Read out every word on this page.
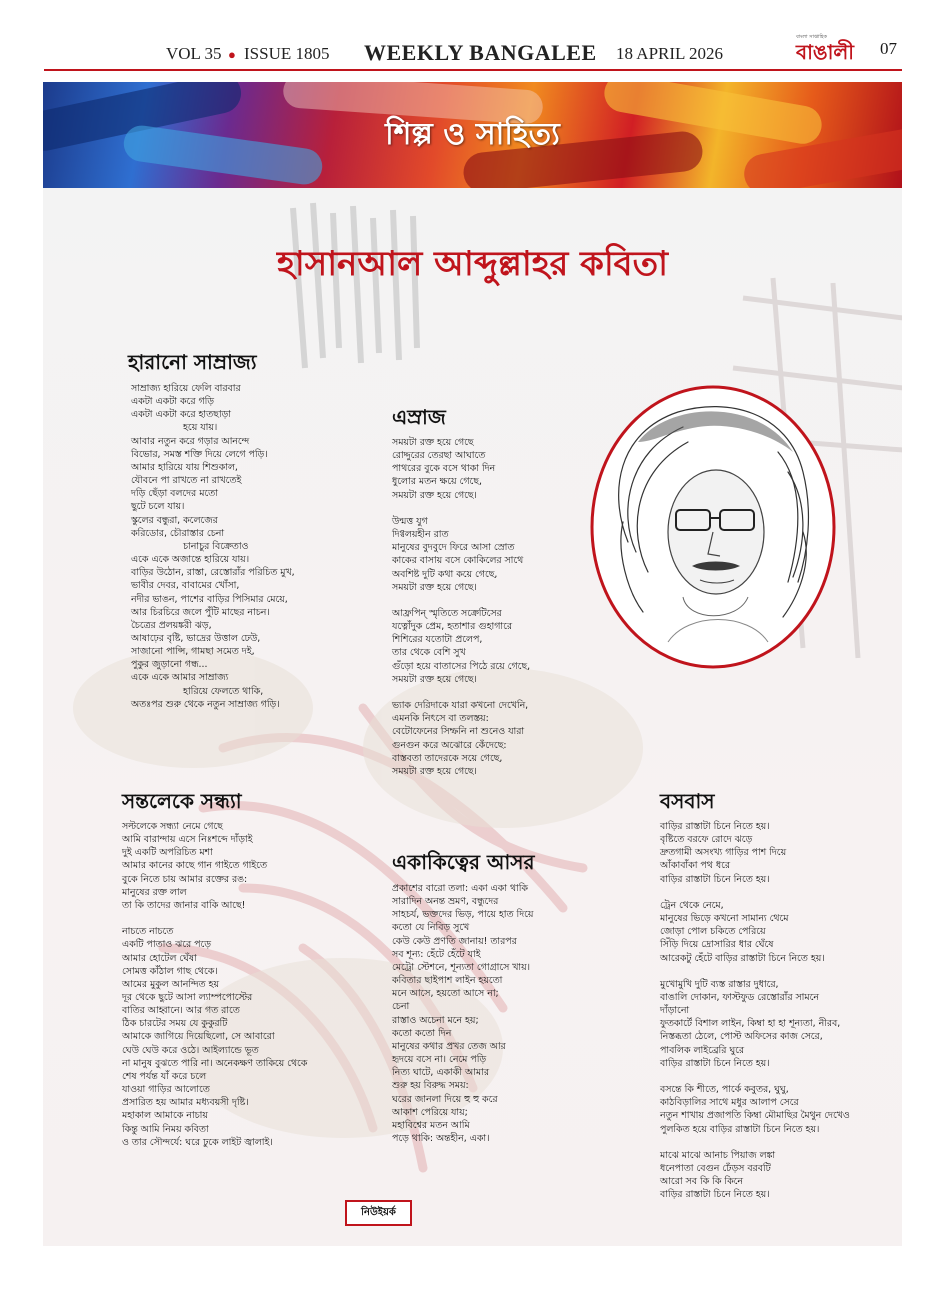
VOL 35 ● ISSUE 1805 WEEKLY BANGALEE 18 APRIL 2026
বাংলা সাপ্তাহিক
বাঙালী	07
শিল্প ও সাহিত্য
হাসানআল আব্দুল্লাহর কবিতা
হারানো সাম্রাজ্য
সাম্রাজ্য হারিয়ে ফেলি বারবার
একটা একটা করে গড়ি
একটা একটা করে হাতছাড়া
হয়ে যায়।
আবার নতুন করে গড়ার আনন্দে
বিভোর, সমস্ত শক্তি দিয়ে লেগে পড়ি।
আমার হারিয়ে যায় শিশুকাল,
যৌবনে পা রাখতে না রাখতেই
দড়ি ছেঁড়া বলদের মতো
ছুটে চলে যায়।
স্কুলের বন্ধুরা, কলেজের
করিডোর, চৌরাস্তার চেনা
চানাচুর বিক্রেতাও
একে একে অজান্তে হারিয়ে যায়।
বাড়ির উঠোন, রাস্তা, রেস্তোরাঁর পরিচিত মুখ,
ভাবীর দেবর, বাবামের খোঁসা,
নদীর ভাঙন, পাশের বাড়ির পিসিমার মেয়ে,
আর চিরচিরে জলে পুঁটি মাছের নাচন।
চৈত্রের প্রলয়ঙ্করী ঝড়,
আষাঢ়ের বৃষ্টি, ভাদ্রের উত্তাল ঢেউ,
সাজানো পান্সি, গামছা সমেত দই,
পুকুর জুড়ানো গন্ধ...
একে একে আমার সাম্রাজ্য
হারিয়ে ফেলতে থাকি,
অতঃপর শুরু থেকে নতুন সাম্রাজ্য গড়ি।
এস্রাজ
সময়টা রক্ত হয়ে গেছে
রোদ্দুরের তেরছা আঘাতে
পাথরের বুকে বসে থাকা দিন
ধুলোর মতন ক্ষয়ে গেছে,
সময়টা রক্ত হয়ে গেছে।
উন্মত্ত যুগ
দিগ্বলয়হীন রাত
মানুষের বুদবুদে ফিরে আসা স্রোত
কাকের বাসায় বসে কোকিলের সাথে
অবশিষ্ট দুটি কথা কয়ে গেছে,
সময়টা রক্ত হয়ে গেছে।
আফ্রপিন্ স্মৃতিতে সক্রেটিসের
যত্নোঁদুক প্রেম, হতাশার গুহাগারে
শিশিরের যতোটা প্রলেপ,
তার থেকে বেশি সুখ
গুঁড়ো হয়ে বাতাসের পিঠে রয়ে গেছে,
সময়টা রক্ত হয়ে গেছে।
ভ্যাক দেরিদাকে যারা কখনো দেখেনি,
এমনকি নিৎসে বা তলস্তয়:
বেটোফেনের সিম্ফনি না শুনেও যারা
গুনগুন করে অঝোরে কেঁদেছে:
বাস্তবতা তাদেরকে সয়ে গেছে,
সময়টা রক্ত হয়ে গেছে।
সন্তলেকে সন্ধ্যা
সল্টলেকে সন্ধ্যা নেমে গেছে
আমি বারান্দায় এসে নিঃশব্দে দাঁড়াই
দুই একটি অপরিচিত মশা
আমার কানের কাছে গান গাইতে গাইতে
বুকে নিতে চায় আমার রক্তের রঙ:
মানুষের রক্ত লাল
তা কি তাদের জানার বাকি আছে!
নাচতে নাচতে
একটি পাতাও ঝরে পড়ে
আমার হোটেল ঘেঁষা
সোমত্ত কাঁঠাল গাছ থেকে।
আমের মুকুল আনন্দিত হয়
দূর থেকে ছুটে আসা ল্যাম্পপোস্টের
বাতির আহ্বানে। আর গত রাতে
ঠিক চারটের সময় যে কুকুরটি
আমাকে জাগিয়ে দিয়েছিলো, সে আবারো
ঘেউ ঘেউ করে ওঠে। আইল্যান্ডে ভূত
না মানুষ বুঝতে পারি না। অনেকক্ষণ তাকিয়ে থেকে
শেষ পর্যন্ত যাঁ করে চলে
যাওয়া গাড়ির আলোতে
প্রসারিত হয় আমার মধ্যবয়সী দৃষ্টি।
মহাকাল আমাকে নাচায়
কিন্তু আমি নিময় কবিতা
ও তার সৌন্দর্যে: ঘরে ঢুকে লাইট জ্বালাই।
একাকিত্বের আসর
প্রকাশের বারো তলা: একা একা থাকি
সারাদিন অনন্ত ভ্রমণ, বন্ধুদের
সাহচর্য, ভক্তদের ভিড়, পায়ে হাত দিয়ে
কতো যে নিবিড় সুখে
কেউ কেউ প্রণতি জানায়! তারপর
সব শূন্য: হেঁটে হেঁটে যাই
মেট্রো স্টেশনে, শূন্যতা গোগ্রাসে খায়।
কবিতার ছাইপাশ লাইন হয়তো
মনে আসে, হয়তো আসে না;
চেনা
রাস্তাও অচেনা মনে হয়;
কতো কতো দিন
মানুষের কথার প্রখর তেজ আর
হৃদয়ে বসে না। নেমে পড়ি
নিত্য ঘাটে, একাকী আমার
শুরু হয় বিরুদ্ধ সময়:
ঘরের জানলা দিয়ে হু হু করে
আকাশ পেরিয়ে যায়;
মহাবিশ্বের মতন আমি
পড়ে থাকি: অন্তহীন, একা।
বসবাস
বাড়ির রাস্তাটা চিনে নিতে হয়।
বৃষ্টিতে বরফে রোদে ঝড়ে
দ্রুতগামী অসংখ্য গাড়ির পাশ দিয়ে
আঁকাবাঁকা পথ ধরে
বাড়ির রাস্তাটা চিনে নিতে হয়।
ট্রেন থেকে নেমে,
মানুষের ভিড়ে কখনো সামান্য থেমে
জোড়া পোল চকিতে পেরিয়ে
সিঁড়ি দিয়ে দ্রোসারির ধার ঘেঁষে
আরেকটু হেঁটে বাড়ির রাস্তাটা চিনে নিতে হয়।
মুখোমুখি দুটি ব্যস্ত রাস্তার দুধারে,
বাঙালি দোকান, ফাস্টফুড রেস্তোরাঁর সামনে
দাঁড়ানো
ফুতকাৰ্টে বিশাল লাইন, কিম্বা হা হা শূন্যতা, নীরব,
নিস্তব্ধতা ঠেলে, পোস্ট অফিসের কাজ সেরে,
পাবলিক লাইব্রেরি ঘুরে
বাড়ির রাস্তাটা চিনে নিতে হয়।
বসন্তে কি শীতে, পার্কে কবুতর, ঘুঘু,
কাঠবিড়ালির সাথে মধুর আলাপ সেরে
নতুন শাখায় প্রজাপতি কিম্বা মৌমাছির মৈথুন দেখেও
পুলকিত হয়ে বাড়ির রাস্তাটা চিনে নিতে হয়।
মাঝে মাঝে আনাচ পিয়াজ লঙ্কা
ধনেপাতা বেগুন ঢেঁড়স বরবটি
আরো সব কি কি কিনে
বাড়ির রাস্তাটা চিনে নিতে হয়।
নিউইয়র্ক
